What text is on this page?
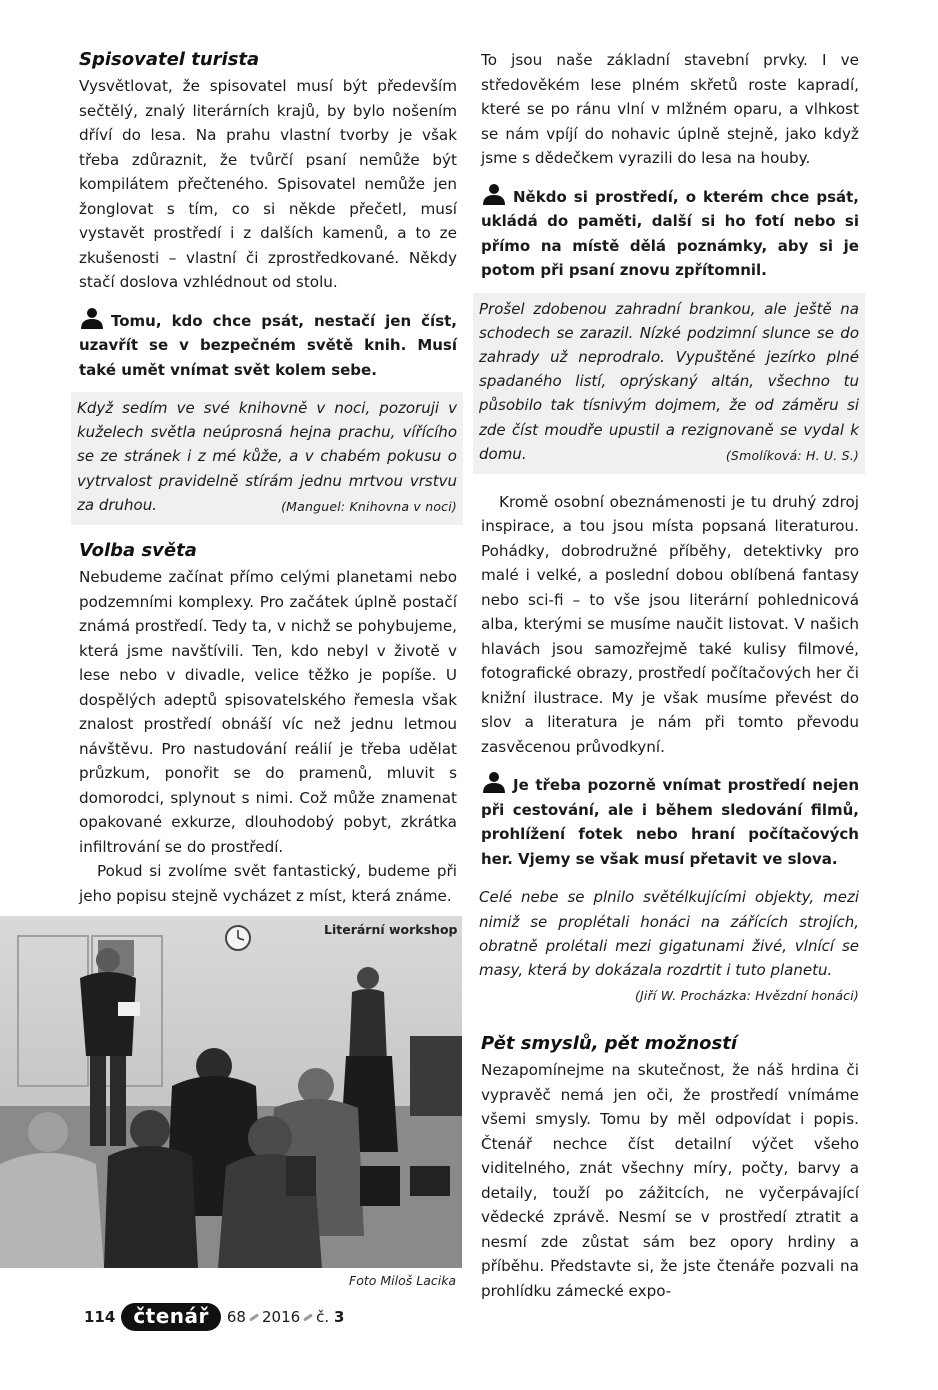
Spisovatel turista

Vysvětlovat, že spisovatel musí být především sečtělý, znalý literárních krajů, by bylo nošením dříví do lesa. Na prahu vlastní tvorby je však třeba zdůraznit, že tvůrčí psaní nemůže být kompilátem přečteného. Spisovatel nemůže jen žonglovat s tím, co si někde přečetl, musí vystavět prostředí i z dalších kamenů, a to ze zkušenosti – vlastní či zprostředkované. Někdy stačí doslova vzhlédnout od stolu.

Tomu, kdo chce psát, nestačí jen číst, uzavřít se v bezpečném světě knih. Musí také umět vnímat svět kolem sebe.

Když sedím ve své knihovně v noci, pozoruji v kuželech světla neúprosná hejna prachu, vířícího se ze stránek i z mé kůže, a v chabém pokusu o vytrvalost pravidelně stírám jednu mrtvou vrstvu za druhou.	(Manguel: Knihovna v noci)
Volba světa

Nebudeme začínat přímo celými planetami nebo podzemními komplexy. Pro začátek úplně postačí známá prostředí. Tedy ta, v nichž se pohybujeme, která jsme navštívili. Ten, kdo nebyl v životě v lese nebo v divadle, velice těžko je popíše. U dospělých adeptů spisovatelského řemesla však znalost prostředí obnáší víc než jednu letmou návštěvu. Pro nastudování reálií je třeba udělat průzkum, ponořit se do pramenů, mluvit s domorodci, splynout s nimi. Což může znamenat opakované exkurze, dlouhodobý pobyt, zkrátka infiltrování se do prostředí.

Pokud si zvolíme svět fantastický, budeme při jeho popisu stejně vycházet z míst, která známe.

Literární workshop
Foto Miloš Lacika

To jsou naše základní stavební prvky. I ve středověkém lese plném skřetů roste kapradí, které se po ránu vlní v mlžném oparu, a vlhkost se nám vpíjí do nohavic úplně stejně, jako když jsme s dědečkem vyrazili do lesa na houby.

Někdo si prostředí, o kterém chce psát, ukládá do paměti, další si ho fotí nebo si přímo na místě dělá poznámky, aby si je potom při psaní znovu zpřítomnil.

Prošel zdobenou zahradní brankou, ale ještě na schodech se zarazil. Nízké podzimní slunce se do zahrady už neprodralo. Vypuštěné jezírko plné spadaného listí, oprýskaný altán, všechno tu působilo tak tísnivým dojmem, že od záměru si zde číst moudře upustil a rezignovaně se vydal k domu.	(Smolíková: H. U. S.)

Kromě osobní obeznámenosti je tu druhý zdroj inspirace, a tou jsou místa popsaná literaturou. Pohádky, dobrodružné příběhy, detektivky pro malé i velké, a poslední dobou oblíbená fantasy nebo sci-fi – to vše jsou literární pohlednicová alba, kterými se musíme naučit listovat. V našich hlavách jsou samozřejmě také kulisy filmové, fotografické obrazy, prostředí počítačových her či knižní ilustrace. My je však musíme převést do slov a literatura je nám při tomto převodu zasvěcenou průvodkyní.

Je třeba pozorně vnímat prostředí nejen při cestování, ale i během sledování filmů, prohlížení fotek nebo hraní počítačových her. Vjemy se však musí přetavit ve slova.

Celé nebe se plnilo světélkujícími objekty, mezi nimiž se proplétali honáci na zářících strojích, obratně prolétali mezi gigatunami živé, vlnící se masy, která by dokázala rozdrtit i tuto planetu.
(Jiří W. Procházka: Hvězdní honáci)
Pět smyslů, pět možností

Nezapomínejme na skutečnost, že náš hrdina či vypravěč nemá jen oči, že prostředí vnímáme všemi smysly. Tomu by měl odpovídat i popis. Čtenář nechce číst detailní výčet všeho viditelného, znát všechny míry, počty, barvy a detaily, touží po zážitcích, ne vyčerpávající vědecké zprávě. Nesmí se v prostředí ztratit a nesmí zde zůstat sám bez opory hrdiny a příběhu. Představte si, že jste čtenáře pozvali na prohlídku zámecké expo-

114 čtenář	68 2016 č. 3
